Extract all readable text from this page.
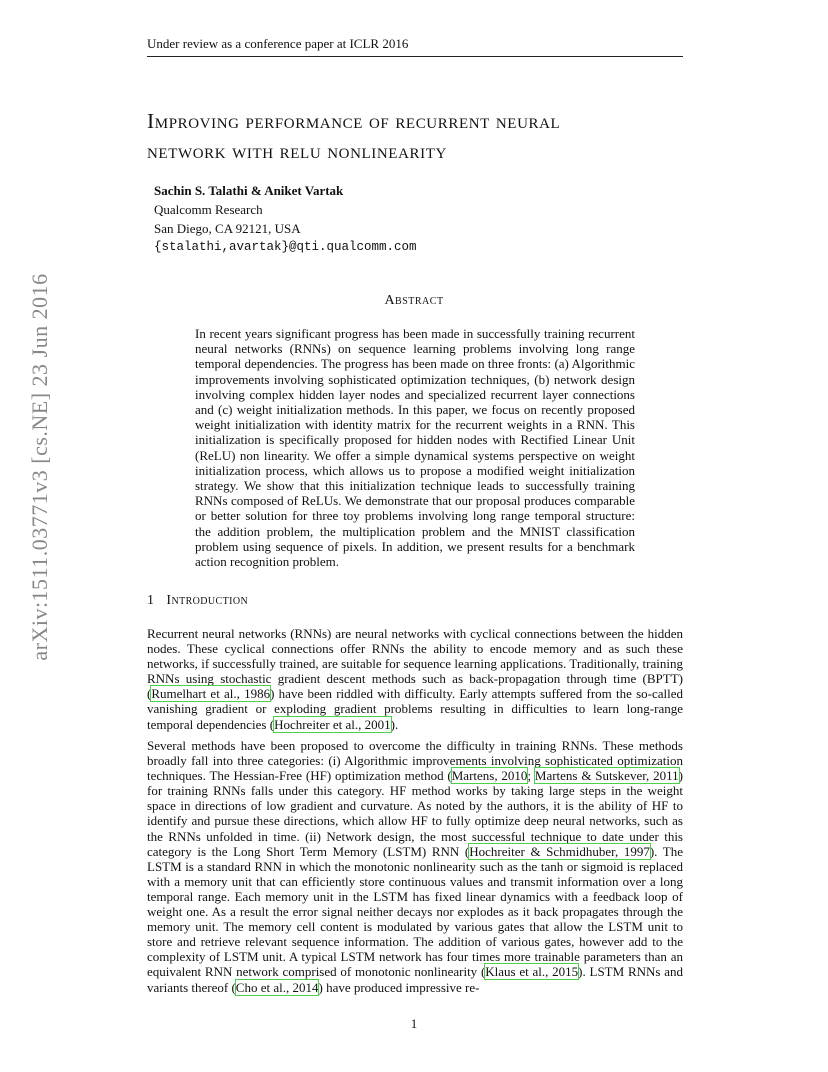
Under review as a conference paper at ICLR 2016
arXiv:1511.03771v3 [cs.NE] 23 Jun 2016
Improving performance of recurrent neural
network with relu nonlinearity
Sachin S. Talathi & Aniket Vartak
Qualcomm Research
San Diego, CA 92121, USA
{stalathi,avartak}@qti.qualcomm.com
Abstract

In recent years significant progress has been made in successfully training recurrent neural networks (RNNs) on sequence learning problems involving long range temporal dependencies. The progress has been made on three fronts: (a) Algorithmic improvements involving sophisticated optimization techniques, (b) network design involving complex hidden layer nodes and specialized recurrent layer connections and (c) weight initialization methods. In this paper, we focus on recently proposed weight initialization with identity matrix for the recurrent weights in a RNN. This initialization is specifically proposed for hidden nodes with Rectified Linear Unit (ReLU) non linearity. We offer a simple dynamical systems perspective on weight initialization process, which allows us to propose a modified weight initialization strategy. We show that this initialization technique leads to successfully training RNNs composed of ReLUs. We demonstrate that our proposal produces comparable or better solution for three toy problems involving long range temporal structure: the addition problem, the multiplication problem and the MNIST classification problem using sequence of pixels. In addition, we present results for a benchmark action recognition problem.

1 Introduction

Recurrent neural networks (RNNs) are neural networks with cyclical connections between the hidden nodes. These cyclical connections offer RNNs the ability to encode memory and as such these networks, if successfully trained, are suitable for sequence learning applications. Traditionally, training RNNs using stochastic gradient descent methods such as back-propagation through time (BPTT) (Rumelhart et al., 1986) have been riddled with difficulty. Early attempts suffered from the so-called vanishing gradient or exploding gradient problems resulting in difficulties to learn long-range temporal dependencies (Hochreiter et al., 2001).

Several methods have been proposed to overcome the difficulty in training RNNs. These methods broadly fall into three categories: (i) Algorithmic improvements involving sophisticated optimization techniques. The Hessian-Free (HF) optimization method (Martens, 2010; Martens & Sutskever, 2011) for training RNNs falls under this category. HF method works by taking large steps in the weight space in directions of low gradient and curvature. As noted by the authors, it is the ability of HF to identify and pursue these directions, which allow HF to fully optimize deep neural networks, such as the RNNs unfolded in time. (ii) Network design, the most successful technique to date under this category is the Long Short Term Memory (LSTM) RNN (Hochreiter & Schmidhuber, 1997). The LSTM is a standard RNN in which the monotonic nonlinearity such as the tanh or sigmoid is replaced with a memory unit that can efficiently store continuous values and transmit information over a long temporal range. Each memory unit in the LSTM has fixed linear dynamics with a feedback loop of weight one. As a result the error signal neither decays nor explodes as it back propagates through the memory unit. The memory cell content is modulated by various gates that allow the LSTM unit to store and retrieve relevant sequence information. The addition of various gates, however add to the complexity of LSTM unit. A typical LSTM network has four times more trainable parameters than an equivalent RNN network comprised of monotonic nonlinearity (Klaus et al., 2015). LSTM RNNs and variants thereof (Cho et al., 2014) have produced impressive re-

1
